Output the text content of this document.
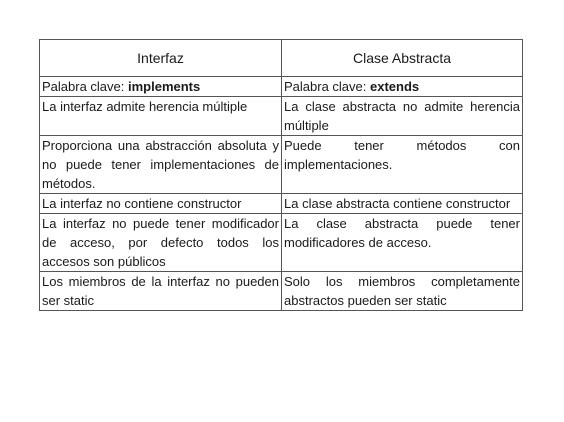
Interfaz	Clase Abstracta
Palabra clave: implements	Palabra clave: extends
La interfaz admite herencia múltiple	La clase abstracta no admite herencia múltiple
Proporciona una abstracción absoluta y no puede tener implementaciones de métodos.	Puede tener métodos con implementaciones.
La interfaz no contiene constructor	La clase abstracta contiene constructor
La interfaz no puede tener modificador de acceso, por defecto todos los accesos son públicos	La clase abstracta puede tener modificadores de acceso.
Los miembros de la interfaz no pueden ser static	Solo los miembros completamente abstractos pueden ser static
